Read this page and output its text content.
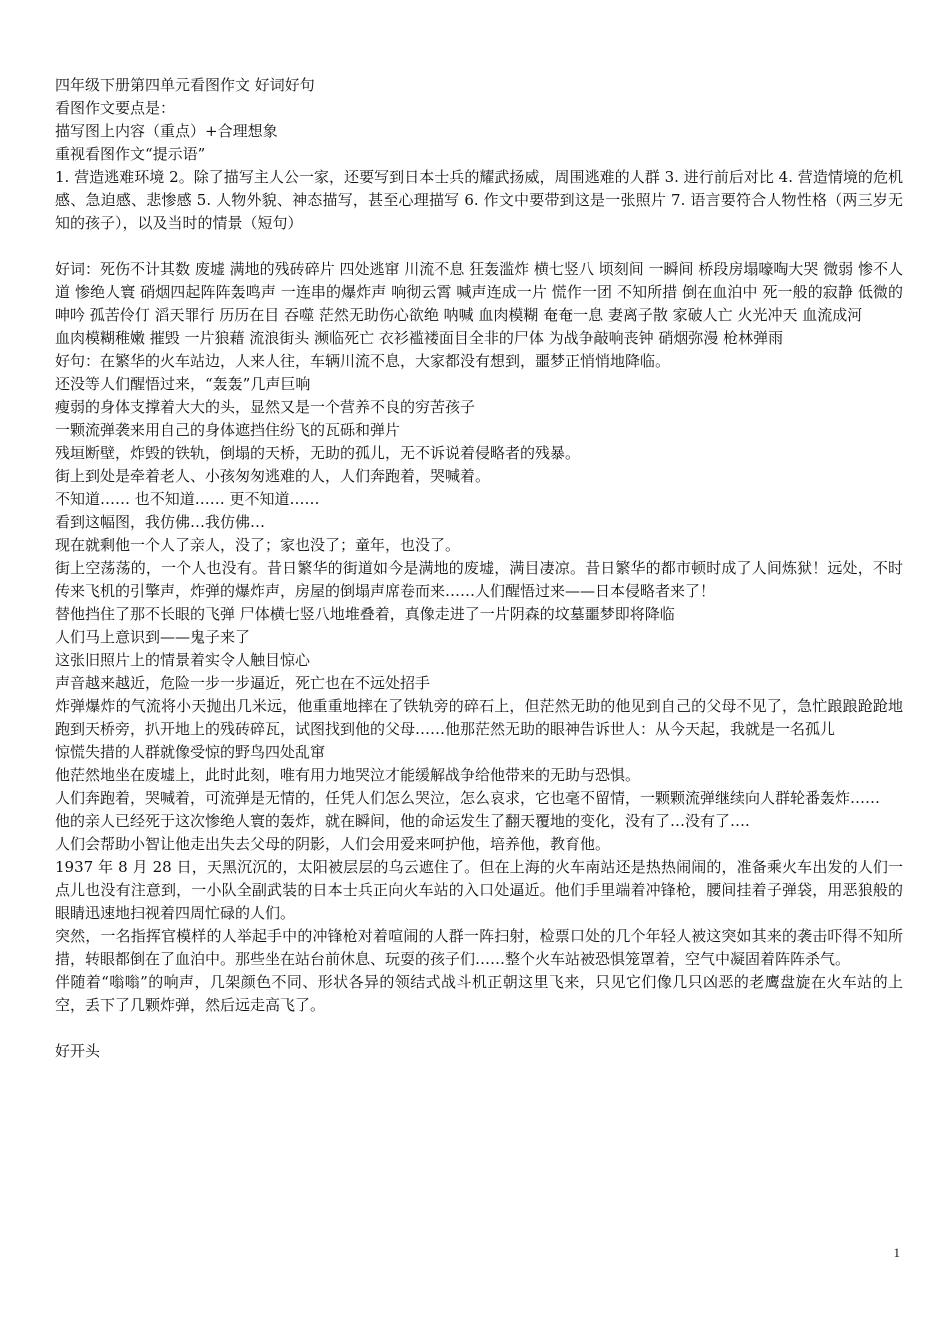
四年级下册第四单元看图作文 好词好句

看图作文要点是：

描写图上内容（重点）+合理想象

重视看图作文“提示语”

1. 营造逃难环境 2。除了描写主人公一家，还要写到日本士兵的耀武扬威，周围逃难的人群 3. 进行前后对比 4. 营造情境的危机感、急迫感、悲惨感 5. 人物外貌、神态描写，甚至心理描写 6. 作文中要带到这是一张照片 7. 语言要符合人物性格（两三岁无知的孩子），以及当时的情景（短句）

好词：死伤不计其数 废墟 满地的残砖碎片 四处逃窜 川流不息 狂轰滥炸 横七竖八 顷刻间 一瞬间 桥段房塌嚎啕大哭 微弱 惨不人道 惨绝人寰 硝烟四起阵阵轰鸣声 一连串的爆炸声 响彻云霄 喊声连成一片 慌作一团 不知所措 倒在血泊中 死一般的寂静 低微的呻吟 孤苦伶仃 滔天罪行 历历在目 吞噬 茫然无助伤心欲绝 呐喊 血肉模糊 奄奄一息 妻离子散 家破人亡 火光冲天 血流成河

血肉模糊稚嫩 摧毁 一片狼藉 流浪街头 濒临死亡 衣衫褴褛面目全非的尸体 为战争敲响丧钟 硝烟弥漫 枪林弹雨

好句：在繁华的火车站边，人来人往，车辆川流不息，大家都没有想到，噩梦正悄悄地降临。

还没等人们醒悟过来，“轰轰”几声巨响

瘦弱的身体支撑着大大的头，显然又是一个营养不良的穷苦孩子

一颗流弹袭来用自己的身体遮挡住纷飞的瓦砾和弹片

残垣断壁，炸毁的铁轨，倒塌的天桥，无助的孤儿，无不诉说着侵略者的残暴。

街上到处是牵着老人、小孩匆匆逃难的人，人们奔跑着，哭喊着。

不知道…… 也不知道…… 更不知道……

看到这幅图，我仿佛…我仿佛…

现在就剩他一个人了亲人，没了；家也没了；童年，也没了。

街上空荡荡的，一个人也没有。昔日繁华的街道如今是满地的废墟，满目凄凉。昔日繁华的都市顿时成了人间炼狱！远处，不时传来飞机的引擎声，炸弹的爆炸声，房屋的倒塌声席卷而来……人们醒悟过来——日本侵略者来了！

替他挡住了那不长眼的飞弹 尸体横七竖八地堆叠着，真像走进了一片阴森的坟墓噩梦即将降临

人们马上意识到——鬼子来了

这张旧照片上的情景着实令人触目惊心

声音越来越近，危险一步一步逼近，死亡也在不远处招手

炸弹爆炸的气流将小天抛出几米远，他重重地摔在了铁轨旁的碎石上，但茫然无助的他见到自己的父母不见了，急忙踉踉跄跄地跑到天桥旁，扒开地上的残砖碎瓦，试图找到他的父母……他那茫然无助的眼神告诉世人：从今天起，我就是一名孤儿

惊慌失措的人群就像受惊的野鸟四处乱窜

他茫然地坐在废墟上，此时此刻，唯有用力地哭泣才能缓解战争给他带来的无助与恐惧。

人们奔跑着，哭喊着，可流弹是无情的，任凭人们怎么哭泣，怎么哀求，它也毫不留情，一颗颗流弹继续向人群轮番轰炸……

他的亲人已经死于这次惨绝人寰的轰炸，就在瞬间，他的命运发生了翻天覆地的变化，没有了…没有了….

人们会帮助小智让他走出失去父母的阴影，人们会用爱来呵护他，培养他，教育他。

1937 年 8 月 28 日，天黑沉沉的，太阳被层层的乌云遮住了。但在上海的火车南站还是热热闹闹的，准备乘火车出发的人们一点儿也没有注意到，一小队全副武装的日本士兵正向火车站的入口处逼近。他们手里端着冲锋枪，腰间挂着子弹袋，用恶狼般的眼睛迅速地扫视着四周忙碌的人们。

突然，一名指挥官模样的人举起手中的冲锋枪对着喧闹的人群一阵扫射，检票口处的几个年轻人被这突如其来的袭击吓得不知所措，转眼都倒在了血泊中。那些坐在站台前休息、玩耍的孩子们……整个火车站被恐惧笼罩着，空气中凝固着阵阵杀气。

伴随着“嗡嗡”的响声，几架颜色不同、形状各异的领结式战斗机正朝这里飞来，只见它们像几只凶恶的老鹰盘旋在火车站的上空，丢下了几颗炸弹，然后远走高飞了。

好开头

1
